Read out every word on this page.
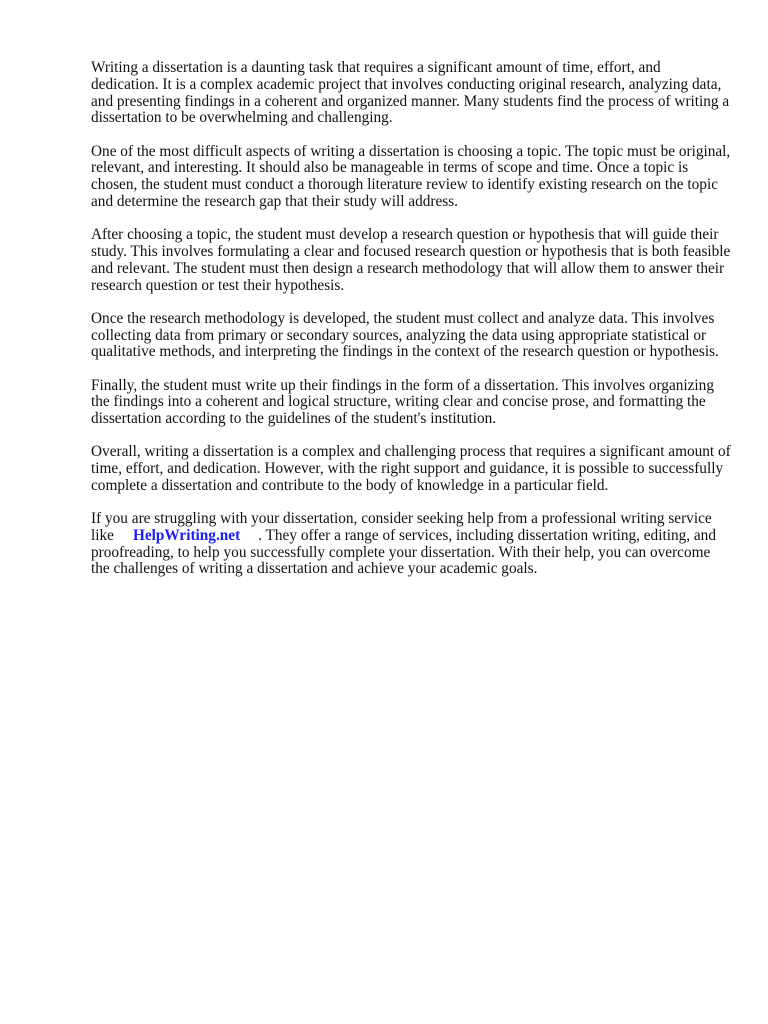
Writing a dissertation is a daunting task that requires a significant amount of time, effort, and dedication. It is a complex academic project that involves conducting original research, analyzing data, and presenting findings in a coherent and organized manner. Many students find the process of writing a dissertation to be overwhelming and challenging.

One of the most difficult aspects of writing a dissertation is choosing a topic. The topic must be original, relevant, and interesting. It should also be manageable in terms of scope and time. Once a topic is chosen, the student must conduct a thorough literature review to identify existing research on the topic and determine the research gap that their study will address.

After choosing a topic, the student must develop a research question or hypothesis that will guide their study. This involves formulating a clear and focused research question or hypothesis that is both feasible and relevant. The student must then design a research methodology that will allow them to answer their research question or test their hypothesis.

Once the research methodology is developed, the student must collect and analyze data. This involves collecting data from primary or secondary sources, analyzing the data using appropriate statistical or qualitative methods, and interpreting the findings in the context of the research question or hypothesis.

Finally, the student must write up their findings in the form of a dissertation. This involves organizing the findings into a coherent and logical structure, writing clear and concise prose, and formatting the dissertation according to the guidelines of the student's institution.

Overall, writing a dissertation is a complex and challenging process that requires a significant amount of time, effort, and dedication. However, with the right support and guidance, it is possible to successfully complete a dissertation and contribute to the body of knowledge in a particular field.

If you are struggling with your dissertation, consider seeking help from a professional writing service like HelpWriting.net . They offer a range of services, including dissertation writing, editing, and proofreading, to help you successfully complete your dissertation. With their help, you can overcome the challenges of writing a dissertation and achieve your academic goals.
